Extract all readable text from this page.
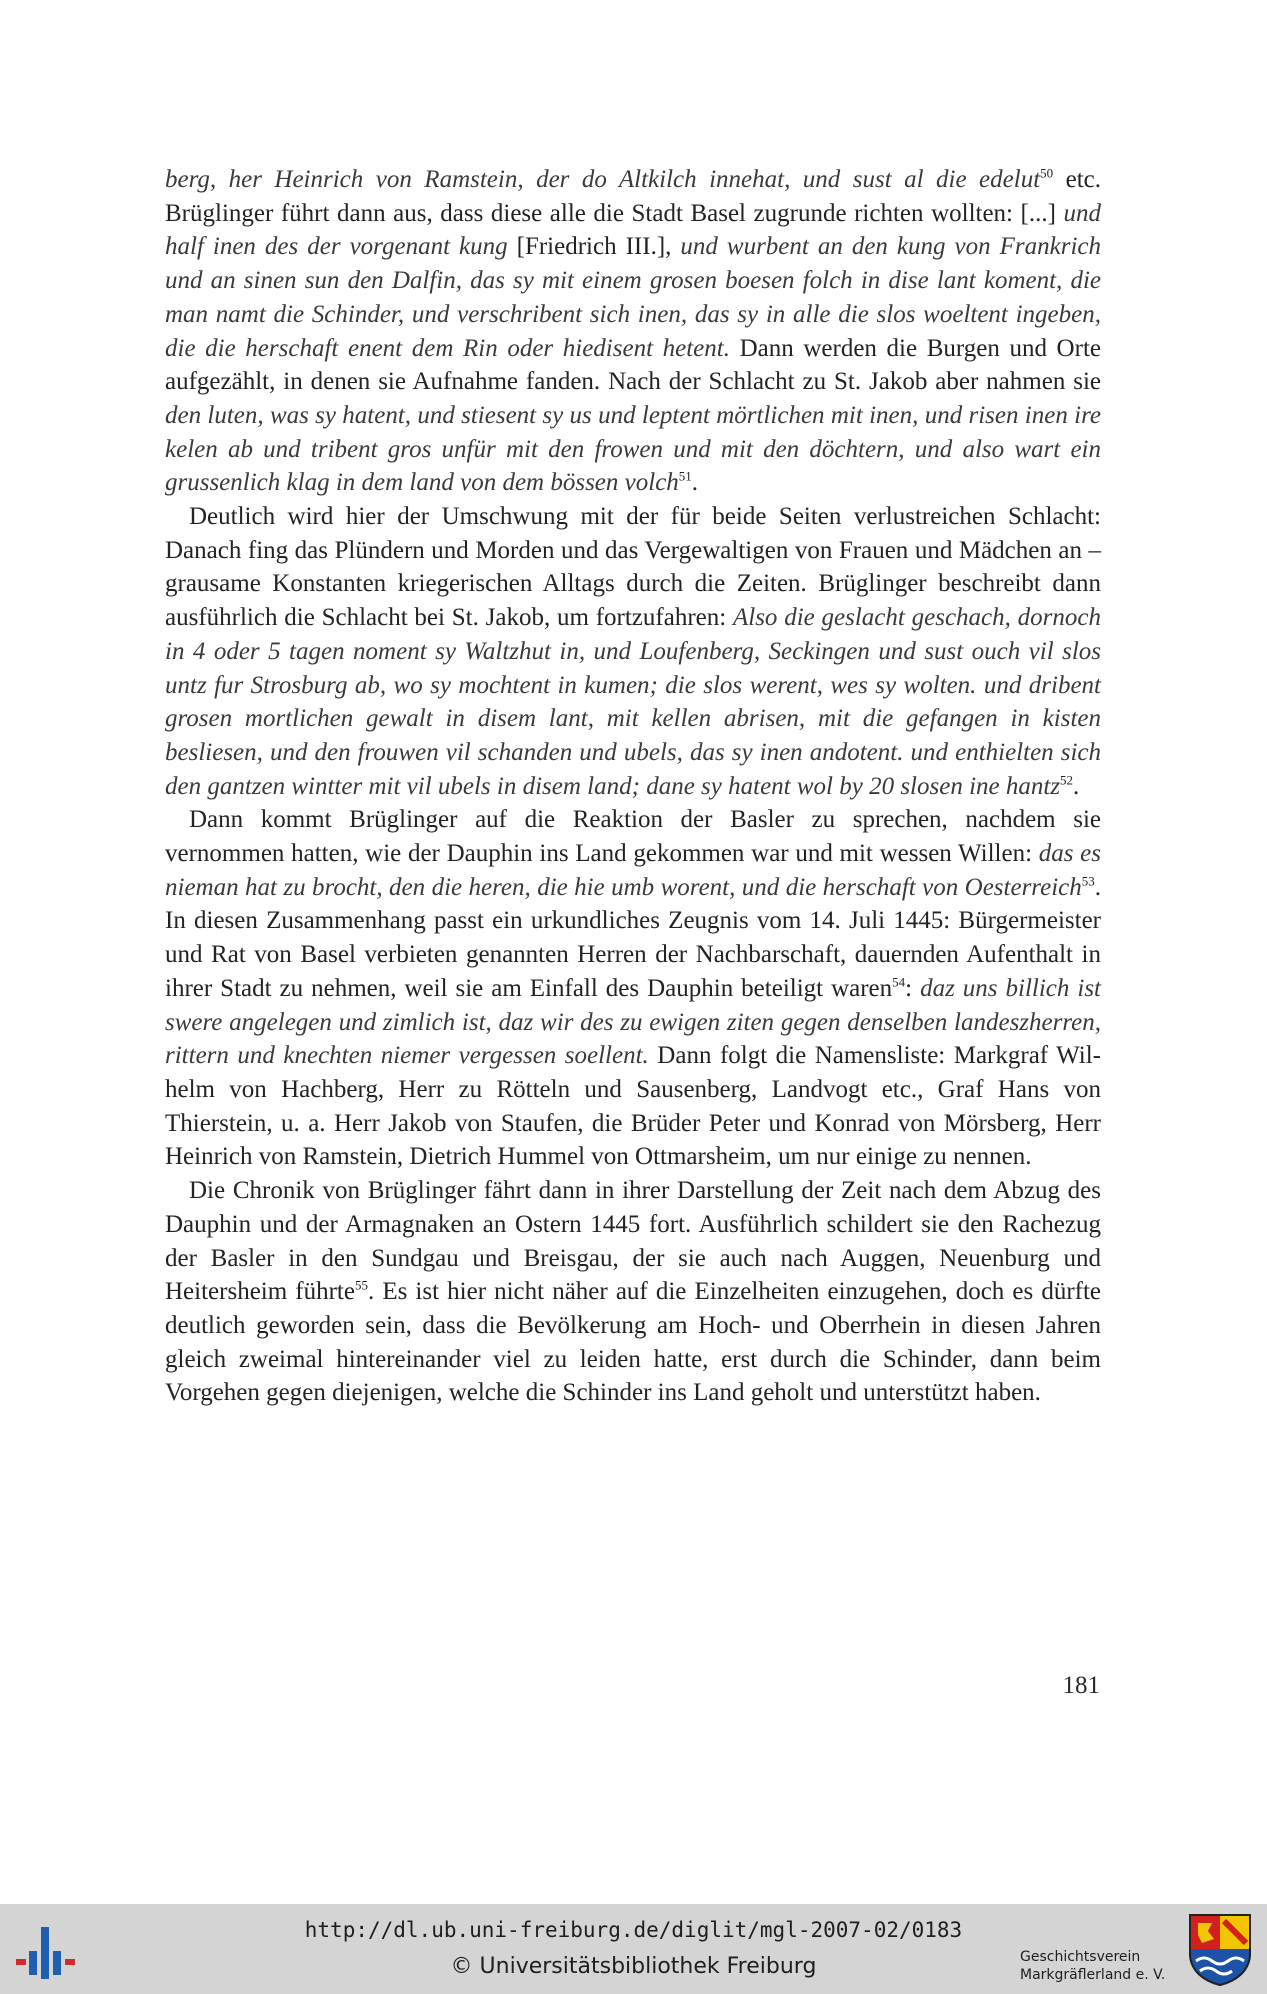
berg, her Heinrich von Ramstein, der do Altkilch innehat, und sust al die edelut$^{50}$ etc. Brüglinger führt dann aus, dass diese alle die Stadt Basel zugrunde richten wollten: [...] und half inen des der vorgenant kung [Friedrich III.], und wurbent an den kung von Frankrich und an sinen sun den Dalfin, das sy mit einem grosen boesen folch in dise lant koment, die man namt die Schinder, und verschribent sich inen, das sy in alle die slos woeltent ingeben, die die herschaft enent dem Rin oder hiedisent hetent. Dann werden die Burgen und Orte aufgezählt, in denen sie Aufnahme fanden. Nach der Schlacht zu St. Jakob aber nahmen sie den luten, was sy hatent, und stiesent sy us und leptent mörtlichen mit inen, und risen inen ire kelen ab und tribent gros unfür mit den frowen und mit den döchtern, und also wart ein grussenlich klag in dem land von dem bössen volch$^{51}$.

Deutlich wird hier der Umschwung mit der für beide Seiten verlustreichen Schlacht: Danach fing das Plündern und Morden und das Vergewaltigen von Frauen und Mädchen an – grausame Konstanten kriegerischen Alltags durch die Zeiten. Brüglinger beschreibt dann ausführlich die Schlacht bei St. Jakob, um fortzufahren: Also die geslacht geschach, dornoch in 4 oder 5 tagen noment sy Waltzhut in, und Loufenberg, Seckingen und sust ouch vil slos untz fur Strosburg ab, wo sy mochtent in kumen; die slos werent, wes sy wolten. und dribent grosen mortlichen gewalt in disem lant, mit kellen abrisen, mit die gefangen in kisten besliesen, und den frouwen vil schanden und ubels, das sy inen andotent. und enthielten sich den gantzen wintter mit vil ubels in disem land; dane sy hatent wol by 20 slosen ine hantz$^{52}$.

Dann kommt Brüglinger auf die Reaktion der Basler zu sprechen, nachdem sie vernommen hatten, wie der Dauphin ins Land gekommen war und mit wessen Willen: das es nieman hat zu brocht, den die heren, die hie umb worent, und die herschaft von Oesterreich$^{53}$. In diesen Zusammenhang passt ein urkundliches Zeugnis vom 14. Juli 1445: Bürgermeister und Rat von Basel verbieten genannten Herren der Nachbarschaft, dauernden Aufenthalt in ihrer Stadt zu nehmen, weil sie am Einfall des Dauphin beteiligt waren$^{54}$: daz uns billich ist swere angelegen und zimlich ist, daz wir des zu ewigen ziten gegen denselben landeszherren, rittern und knechten niemer vergessen soellent. Dann folgt die Namensliste: Markgraf Wilhelm von Hachberg, Herr zu Rötteln und Sausenberg, Landvogt etc., Graf Hans von Thierstein, u. a. Herr Jakob von Staufen, die Brüder Peter und Konrad von Mörsberg, Herr Heinrich von Ramstein, Dietrich Hummel von Ottmarsheim, um nur einige zu nennen.

Die Chronik von Brüglinger fährt dann in ihrer Darstellung der Zeit nach dem Abzug des Dauphin und der Armagnaken an Ostern 1445 fort. Ausführlich schildert sie den Rachezug der Basler in den Sundgau und Breisgau, der sie auch nach Auggen, Neuenburg und Heitersheim führte$^{55}$. Es ist hier nicht näher auf die Einzelheiten einzugehen, doch es dürfte deutlich geworden sein, dass die Bevölkerung am Hoch- und Oberrhein in diesen Jahren gleich zweimal hintereinander viel zu leiden hatte, erst durch die Schinder, dann beim Vorgehen gegen diejenigen, welche die Schinder ins Land geholt und unterstützt haben.

181
http://dl.ub.uni-freiburg.de/diglit/mgl-2007-02/0183
© Universitätsbibliothek Freiburg	Geschichtsverein
Markgräflerland e. V.
